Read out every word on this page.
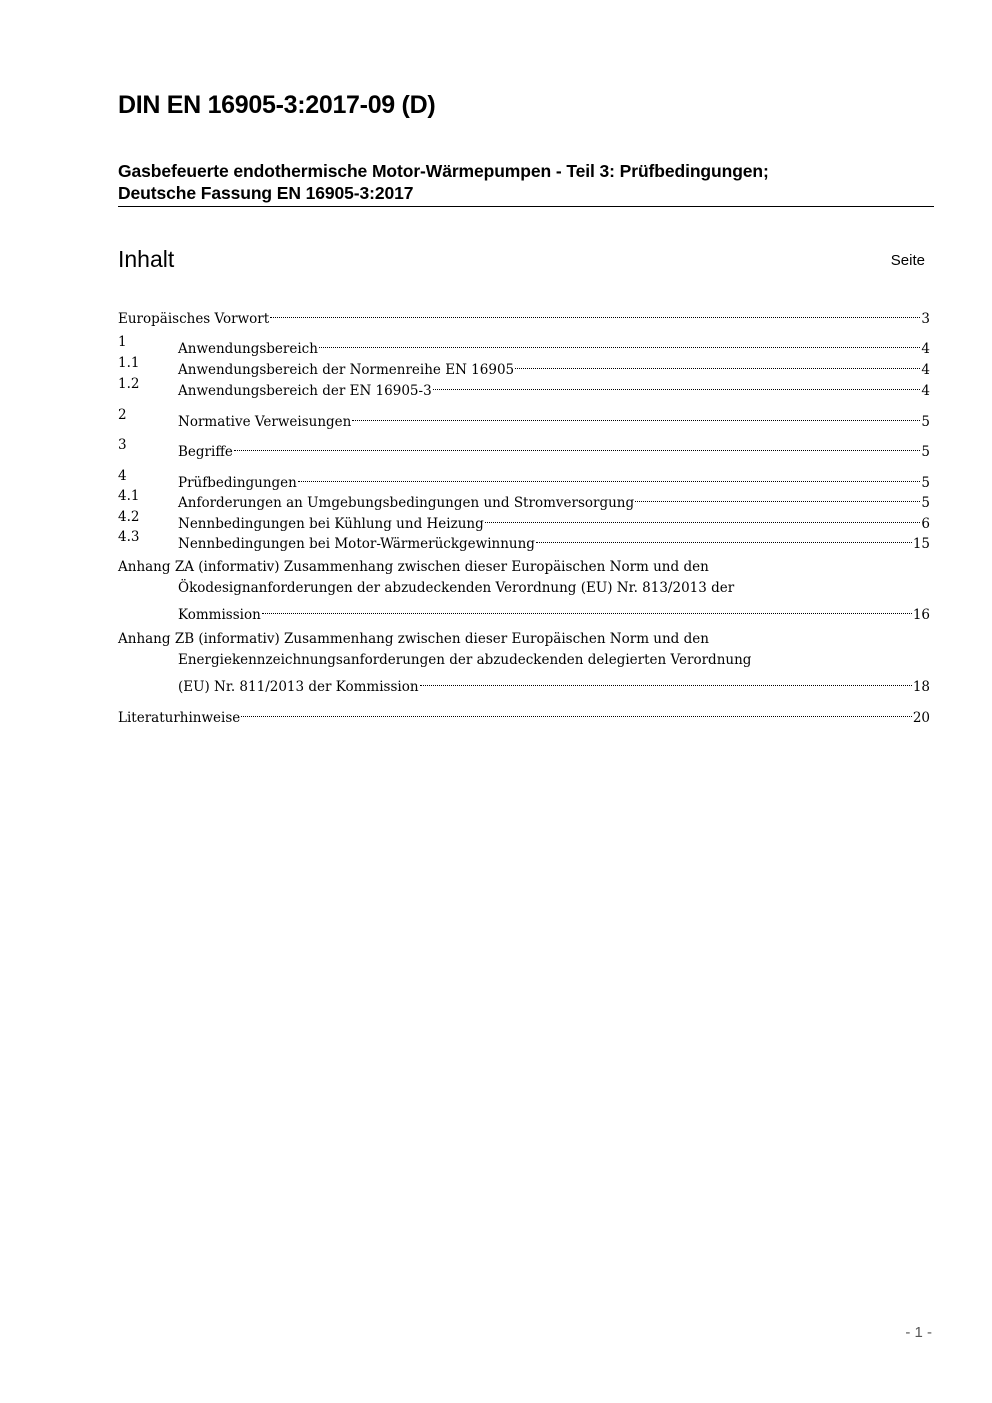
DIN EN 16905-3:2017-09 (D)
Gasbefeuerte endothermische Motor-Wärmepumpen - Teil 3: Prüfbedingungen;
Deutsche Fassung EN 16905-3:2017
Inhalt	Seite
Europäisches Vorwort	3
1	Anwendungsbereich	4
1.1	Anwendungsbereich der Normenreihe EN 16905	4
1.2	Anwendungsbereich der EN 16905-3	4
2	Normative Verweisungen	5
3	Begriffe	5
4	Prüfbedingungen	5
4.1	Anforderungen an Umgebungsbedingungen und Stromversorgung	5
4.2	Nennbedingungen bei Kühlung und Heizung	6
4.3	Nennbedingungen bei Motor-Wärmerückgewinnung	15
Anhang ZA (informativ) Zusammenhang zwischen dieser Europäischen Norm und den
Ökodesignanforderungen der abzudeckenden Verordnung (EU) Nr. 813/2013 der
Kommission	16
Anhang ZB (informativ) Zusammenhang zwischen dieser Europäischen Norm und den
Energiekennzeichnungsanforderungen der abzudeckenden delegierten Verordnung
(EU) Nr. 811/2013 der Kommission	18
Literaturhinweise	20
- 1 -
